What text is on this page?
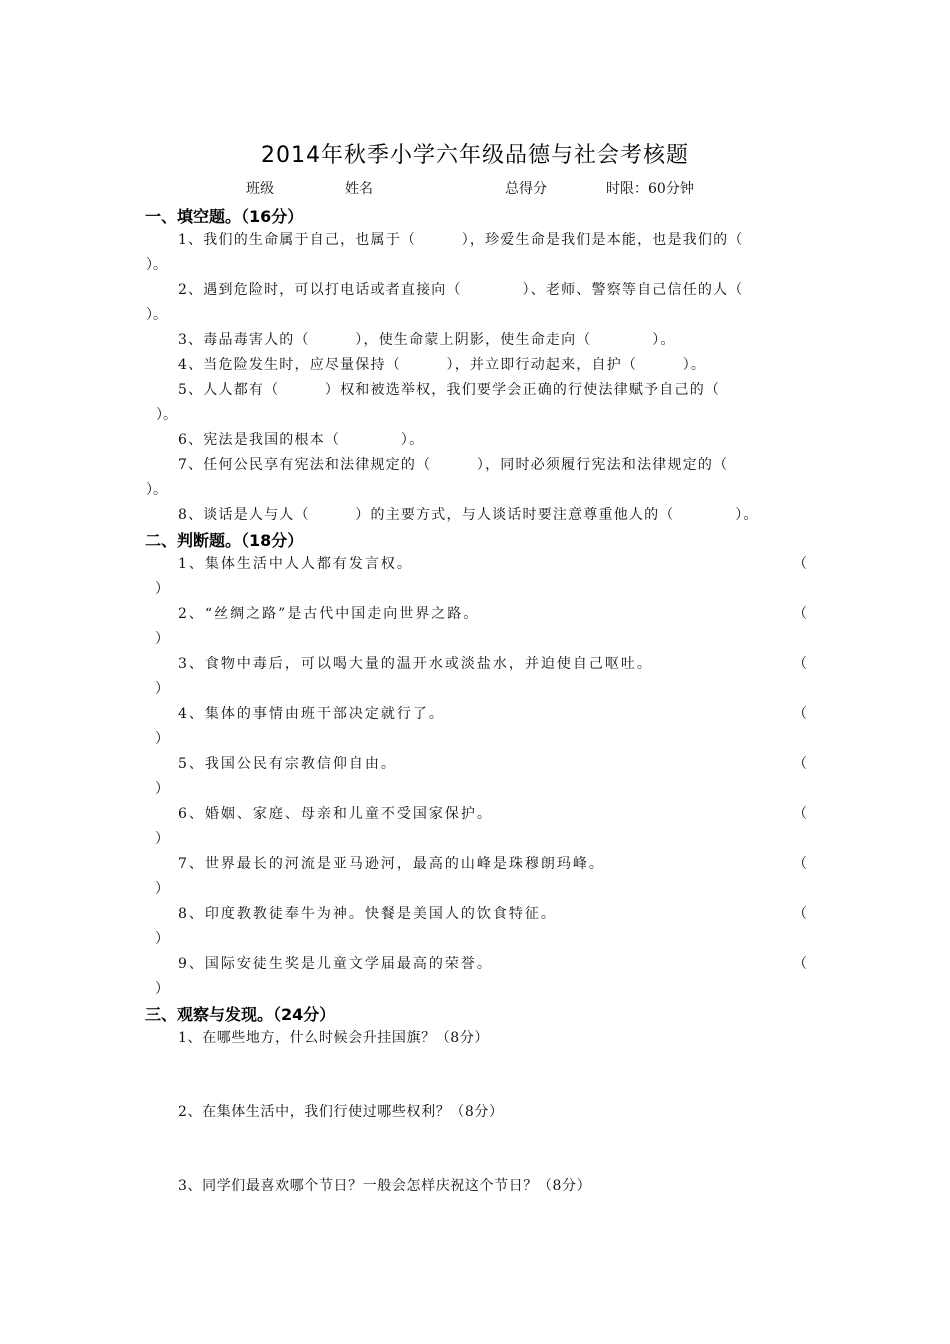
2014年秋季小学六年级品德与社会考核题
班级	姓名	总得分	时限：60分钟
一、填空题。（16分）
1、我们的生命属于自己，也属于（　　　），珍爱生命是我们是本能，也是我们的（
）。
2、遇到危险时，可以打电话或者直接向（　　　　）、老师、警察等自己信任的人（
）。
3、毒品毒害人的（　　　），使生命蒙上阴影，使生命走向（　　　　）。
4、当危险发生时，应尽量保持（　　　），并立即行动起来，自护（　　　）。
5、人人都有（　　　）权和被选举权，我们要学会正确的行使法律赋予自己的（
）。
6、宪法是我国的根本（　　　　）。
7、任何公民享有宪法和法律规定的（　　　），同时必须履行宪法和法律规定的（
）。
8、谈话是人与人（　　　）的主要方式，与人谈话时要注意尊重他人的（　　　　）。
二、判断题。（18分）
1、集体生活中人人都有发言权。	（
）
2、“丝绸之路”是古代中国走向世界之路。	（
）
3、食物中毒后，可以喝大量的温开水或淡盐水，并迫使自己呕吐。	（
）
4、集体的事情由班干部决定就行了。	（
）
5、我国公民有宗教信仰自由。	（
）
6、婚姻、家庭、母亲和儿童不受国家保护。	（
）
7、世界最长的河流是亚马逊河，最高的山峰是珠穆朗玛峰。	（
）
8、印度教教徒奉牛为神。快餐是美国人的饮食特征。	（
）
9、国际安徒生奖是儿童文学届最高的荣誉。	（
）
三、观察与发现。（24分）
1、在哪些地方，什么时候会升挂国旗？（8分）
2、在集体生活中，我们行使过哪些权利？（8分）
3、同学们最喜欢哪个节日？一般会怎样庆祝这个节日？（8分）
